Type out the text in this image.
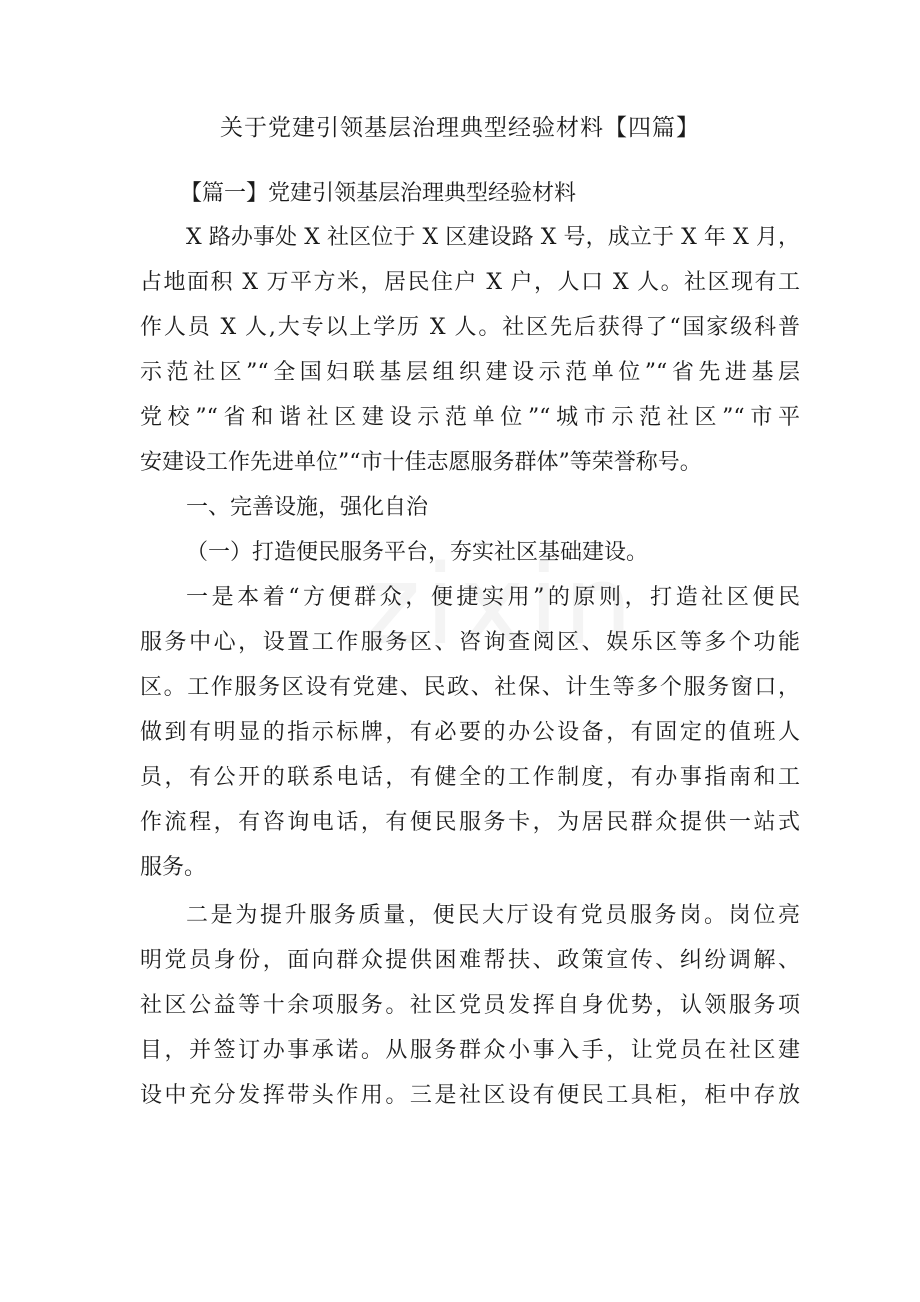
关于党建引领基层治理典型经验材料【四篇】

【篇一】党建引领基层治理典型经验材料

X 路办事处 X 社区位于 X 区建设路 X 号，成立于 X 年 X 月，

占地面积 X 万平方米，居民住户 X 户，人口 X 人。社区现有工

作人员 X 人,大专以上学历 X 人。社区先后获得了“国家级科普

示范社区”“全国妇联基层组织建设示范单位”“省先进基层

党校”“省和谐社区建设示范单位”“城市示范社区”“市平

安建设工作先进单位”“市十佳志愿服务群体”等荣誉称号。

一、完善设施，强化自治

（一）打造便民服务平台，夯实社区基础建设。

一是本着“方便群众，便捷实用”的原则，打造社区便民

服务中心，设置工作服务区、咨询查阅区、娱乐区等多个功能

区。工作服务区设有党建、民政、社保、计生等多个服务窗口，

做到有明显的指示标牌，有必要的办公设备，有固定的值班人

员，有公开的联系电话，有健全的工作制度，有办事指南和工

作流程，有咨询电话，有便民服务卡，为居民群众提供一站式

服务。

二是为提升服务质量，便民大厅设有党员服务岗。岗位亮

明党员身份，面向群众提供困难帮扶、政策宣传、纠纷调解、

社区公益等十余项服务。社区党员发挥自身优势，认领服务项

目，并签订办事承诺。从服务群众小事入手，让党员在社区建

设中充分发挥带头作用。三是社区设有便民工具柜，柜中存放
